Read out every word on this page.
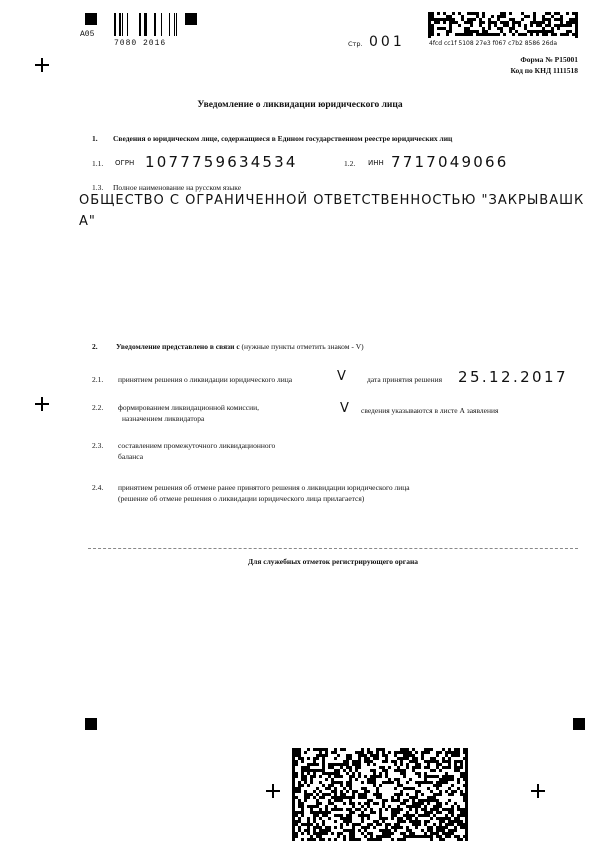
A05
7080 2016	Стр. 001	4fcd cc1f 5108 27e3 f067 c7b2 8586 26da
Форма № Р15001
Код по КНД 1111518
Уведомление о ликвидации юридического лица
1. Сведения о юридическом лице, содержащиеся в Едином государственном реестре юридических лиц
1.1. ОГРН 1077759634534	1.2. ИНН 7717049066
1.3. Полное наименование на русском языке
ОБЩЕСТВО С ОГРАНИЧЕННОЙ ОТВЕТСТВЕННОСТЬЮ "ЗАКРЫВАШК
А"
2. Уведомление представлено в связи с (нужные пункты отметить знаком - V)
2.1. принятием решения о ликвидации юридического лица	V	дата принятия решения 25.12.2017
2.2. формированием ликвидационной комиссии,
назначением ликвидатора
V сведения указываются в листе А заявления
2.3. составлением промежуточного ликвидационного
баланса
2.4. принятием решения об отмене ранее принятого решения о ликвидации юридического лица
(решение об отмене решения о ликвидации юридического лица прилагается)
Для служебных отметок регистрирующего органа
